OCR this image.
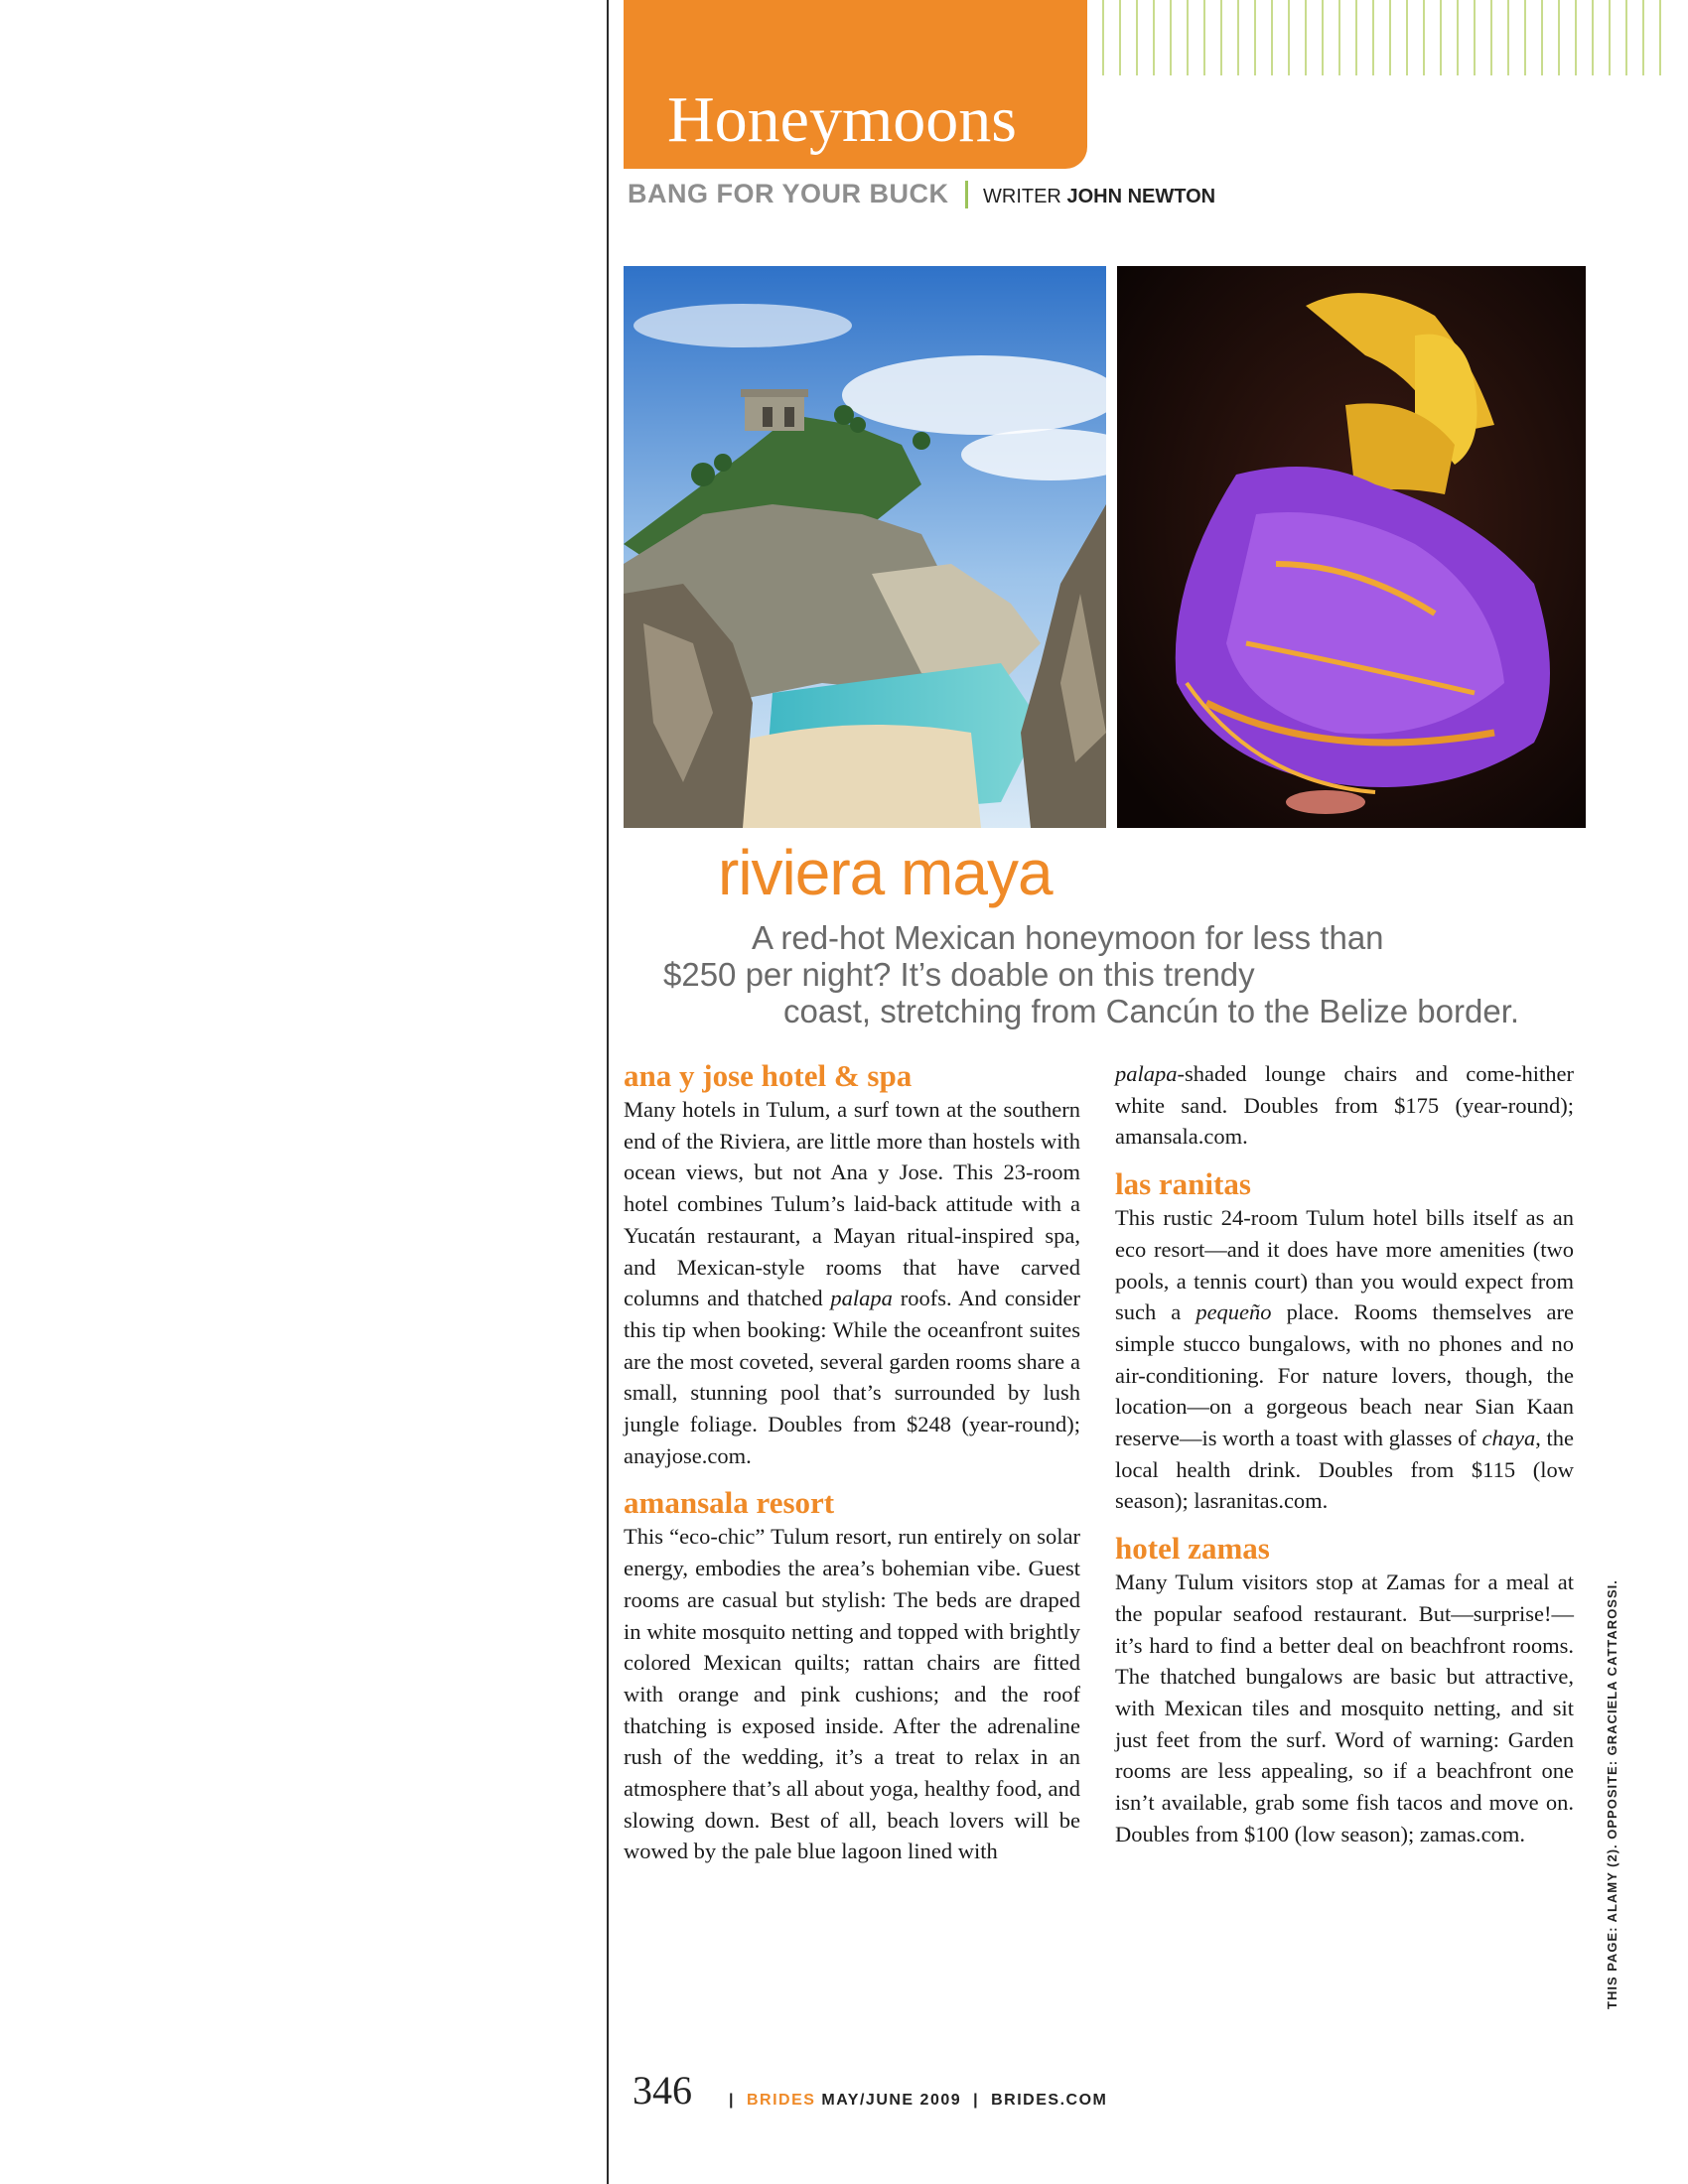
Honeymoons
BANG FOR YOUR BUCK WRITER JOHN NEWTON
riviera maya
A red-hot Mexican honeymoon for less than
$250 per night? It’s doable on this trendy
coast, stretching from Cancún to the Belize border.
ana y jose hotel & spa

Many hotels in Tulum, a surf town at the southern end of the Riviera, are little more than hostels with ocean views, but not Ana y Jose. This 23-room hotel combines Tulum’s laid-back attitude with a Yucatán restaurant, a Mayan ritual-inspired spa, and Mexican-style rooms that have carved columns and thatched palapa roofs. And consider this tip when booking: While the oceanfront suites are the most coveted, several garden rooms share a small, stunning pool that’s surrounded by lush jungle foliage. Doubles from $248 (year-round); anayjose.com.

amansala resort

This “eco-chic” Tulum resort, run entirely on solar energy, embodies the area’s bohemian vibe. Guest rooms are casual but stylish: The beds are draped in white mosquito netting and topped with brightly colored Mexican quilts; rattan chairs are fitted with orange and pink cushions; and the roof thatching is exposed inside. After the adrenaline rush of the wedding, it’s a treat to relax in an atmosphere that’s all about yoga, healthy food, and slowing down. Best of all, beach lovers will be wowed by the pale blue lagoon lined with

palapa-shaded lounge chairs and come-hither white sand. Doubles from $175 (year-round); amansala.com.

las ranitas

This rustic 24-room Tulum hotel bills itself as an eco resort—and it does have more amenities (two pools, a tennis court) than you would expect from such a pequeño place. Rooms themselves are simple stucco bungalows, with no phones and no air-conditioning. For nature lovers, though, the location—on a gorgeous beach near Sian Kaan reserve—is worth a toast with glasses of chaya, the local health drink. Doubles from $115 (low season); lasranitas.com.

hotel zamas

Many Tulum visitors stop at Zamas for a meal at the popular seafood restaurant. But—surprise!—it’s hard to find a better deal on beachfront rooms. The thatched bungalows are basic but attractive, with Mexican tiles and mosquito netting, and sit just feet from the surf. Word of warning: Garden rooms are less appealing, so if a beachfront one isn’t available, grab some fish tacos and move on. Doubles from $100 (low season); zamas.com.	THIS PAGE: ALAMY (2). OPPOSITE: GRACIELA CATTAROSSI.
346	| BRIDES MAY/JUNE 2009 | BRIDES.COM
